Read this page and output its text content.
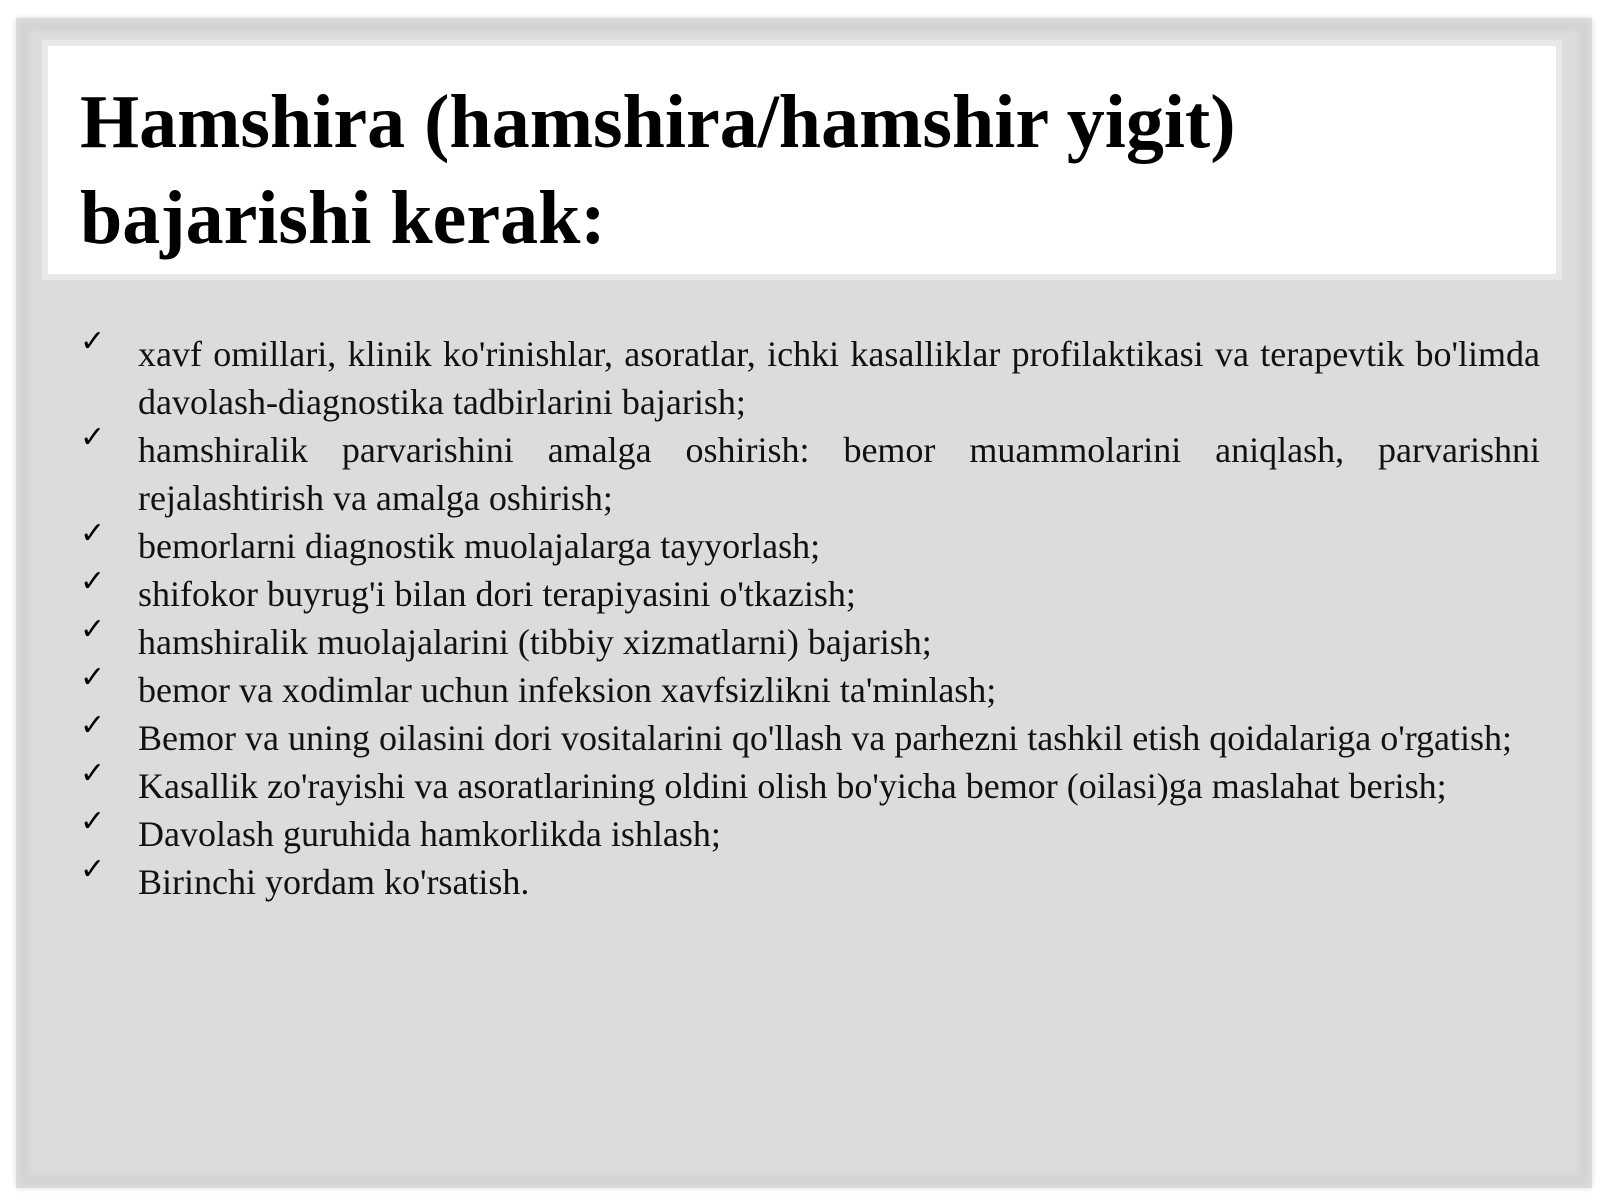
Hamshira (hamshira/hamshir yigit) bajarishi kerak:
✓ xavf omillari, klinik ko'rinishlar, asoratlar, ichki kasalliklar profilaktikasi va terapevtik bo'limda davolash-diagnostika tadbirlarini bajarish;
✓ hamshiralik parvarishini amalga oshirish: bemor muammolarini aniqlash, parvarishni rejalashtirish va amalga oshirish;
✓ bemorlarni diagnostik muolajalarga tayyorlash;
✓ shifokor buyrug'i bilan dori terapiyasini o'tkazish;
✓ hamshiralik muolajalarini (tibbiy xizmatlarni) bajarish;
✓ bemor va xodimlar uchun infeksion xavfsizlikni ta'minlash;
✓ Bemor va uning oilasini dori vositalarini qo'llash va parhezni tashkil etish qoidalariga o'rgatish;
✓ Kasallik zo'rayishi va asoratlarining oldini olish bo'yicha bemor (oilasi)ga maslahat berish;
✓ Davolash guruhida hamkorlikda ishlash;
✓ Birinchi yordam ko'rsatish.
